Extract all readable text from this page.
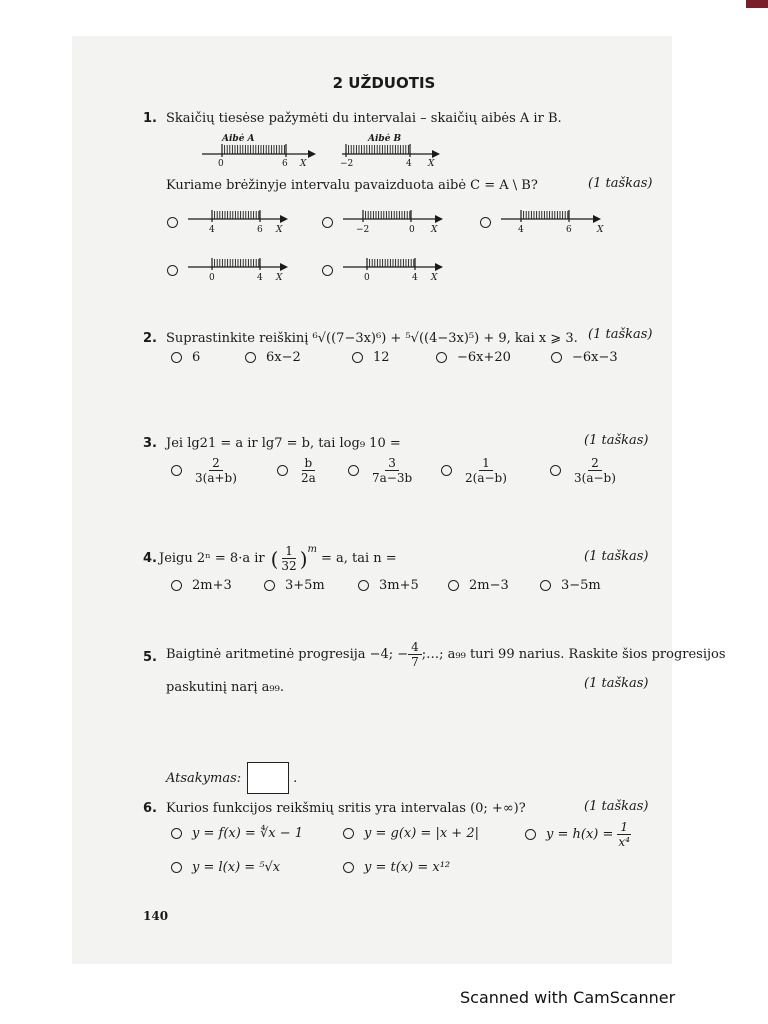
2 UŽDUOTIS
1. Skaičių tiesėse pažymėti du intervalai – skaičių aibės A ir B.
Aibė A
0	6 X
Aibė B
−2	4 X
Kuriame brėžinyje intervalu pavaizduota aibė C = A \ B?	(1 taškas)
4	6 X	−2	0 X	4	6	X
0	4 X	0	4 X
2. Suprastinkite reiškinį ⁶√((7−3x)⁶) + ⁵√((4−3x)⁵) + 9, kai x ⩾ 3. (1 taškas)
6	6x−2	12	−6x+20	−6x−3
3. Jei lg21 = a ir lg7 = b, tai log₉ 10 =	(1 taškas)
$\frac{2}{3(a+b)}$	$\frac{b}{2a}$	$\frac{3}{7a-3b}$	$\frac{1}{2(a-b)}$	$\frac{2}{3(a-b)}$
4. Jeigu 2ⁿ = 8·a ir ( $\frac{1}{32} )^m$
= a, tai n =	(1 taškas)
2m+3	3+5m	3m+5	2m−3	3−5m
5. Baigtinė aritmetinė progresija −4; − $\frac{4}{7}$ ;…; a₉₉ turi 99 narius. Raskite šios progresijos
paskutinį narį a₉₉.	(1 taškas)
Atsakymas:	.
6. Kurios funkcijos reikšmių sritis yra intervalas (0; +∞)?	(1 taškas)
y = f(x) = ∜x − 1	y = g(x) = |x + 2|	$y = h(x) = \frac{1}{\text{x⁴}}$
y = l(x) = ⁵√x	y = t(x) = x¹²
140
Scanned with CamScanner
